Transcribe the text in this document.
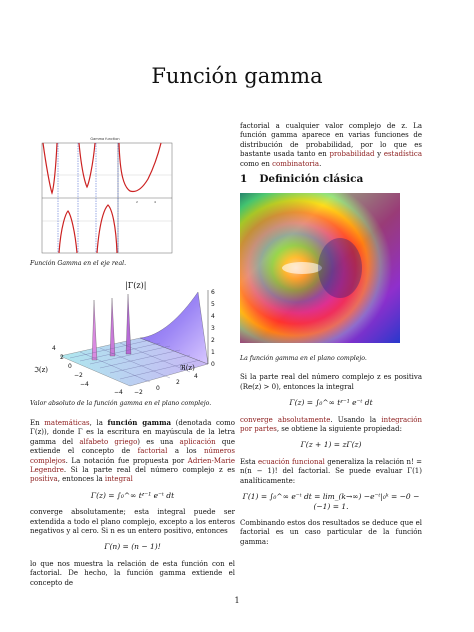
Función gamma
Gamma function
2	4
Función Gamma en el eje real.
|Γ(z)|
6
5
4
3
2
1
0
4
2
0
−2
−4
−4 −2
0
2
4
ℑ(z)	ℜ(z)
Valor absoluto de la función gamma en el plano complejo.

En matemáticas, la función gamma (denotada como Γ(z)), donde Γ es la escritura en mayúscula de la letra gamma del alfabeto griego) es una aplicación que extiende el concepto de factorial a los números complejos. La notación fue propuesta por Adrien-Marie Legendre. Si la parte real del número complejo z es positiva, entonces la integral

Γ(z) = ∫₀^∞ tᶻ⁻¹ e⁻ᵗ dt

converge absolutamente; esta integral puede ser extendida a todo el plano complejo, excepto a los enteros negativos y al cero. Si n es un entero positivo, entonces

Γ(n) = (n − 1)!

lo que nos muestra la relación de esta función con el factorial. De hecho, la función gamma extiende el concepto de

factorial a cualquier valor complejo de z. La función gamma aparece en varias funciones de distribución de probabilidad, por lo que es bastante usada tanto en probabilidad y estadística como en combinatoria.

1 Definición clásica
La función gamma en el plano complejo.

Si la parte real del número complejo z es positiva (Re(z) > 0), entonces la integral

Γ(z) = ∫₀^∞ tᶻ⁻¹ e⁻ᵗ dt

converge absolutamente. Usando la integración por partes, se obtiene la siguiente propiedad:

Γ(z + 1) = zΓ(z)

Esta ecuación funcional generaliza la relación n! = n(n − 1)! del factorial. Se puede evaluar Γ(1) analíticamente:

Γ(1) = ∫₀^∞ e⁻ᵗ dt = lim_(k→∞) −e⁻ᵗ|₀ᵏ = −0 − (−1) = 1.

Combinando estos dos resultados se deduce que el factorial es un caso particular de la función gamma:

1
